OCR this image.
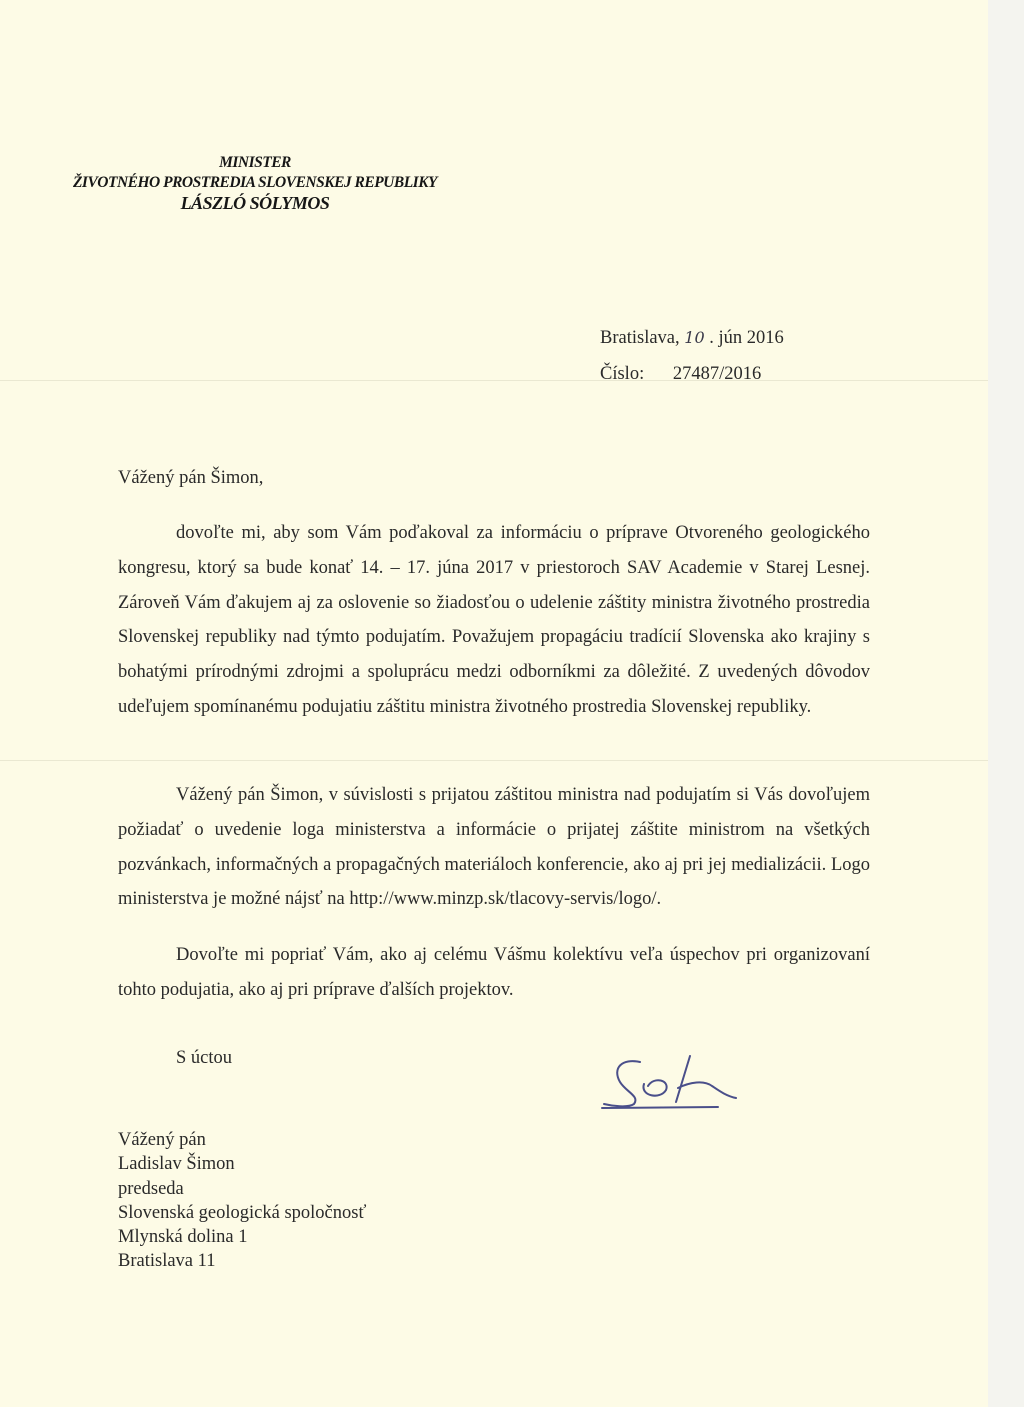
MINISTER
ŽIVOTNÉHO PROSTREDIA SLOVENSKEJ REPUBLIKY
LÁSZLÓ SÓLYMOS
Bratislava, 10 . jún 2016
Číslo: 27487/2016
Vážený pán Šimon,

dovoľte mi, aby som Vám poďakoval za informáciu o príprave Otvoreného geologického kongresu, ktorý sa bude konať 14. – 17. júna 2017 v priestoroch SAV Academie v Starej Lesnej. Zároveň Vám ďakujem aj za oslovenie so žiadosťou o udelenie záštity ministra životného prostredia Slovenskej republiky nad týmto podujatím. Považujem propagáciu tradícií Slovenska ako krajiny s bohatými prírodnými zdrojmi a spoluprácu medzi odborníkmi za dôležité. Z uvedených dôvodov udeľujem spomínanému podujatiu záštitu ministra životného prostredia Slovenskej republiky.

Vážený pán Šimon, v súvislosti s prijatou záštitou ministra nad podujatím si Vás dovoľujem požiadať o uvedenie loga ministerstva a informácie o prijatej záštite ministrom na všetkých pozvánkach, informačných a propagačných materiáloch konferencie, ako aj pri jej medializácii. Logo ministerstva je možné nájsť na http://www.minzp.sk/tlacovy-servis/logo/.

Dovoľte mi popriať Vám, ako aj celému Vášmu kolektívu veľa úspechov pri organizovaní tohto podujatia, ako aj pri príprave ďalších projektov.

S úctou
Vážený pán
Ladislav Šimon
predseda
Slovenská geologická spoločnosť
Mlynská dolina 1
Bratislava 11
